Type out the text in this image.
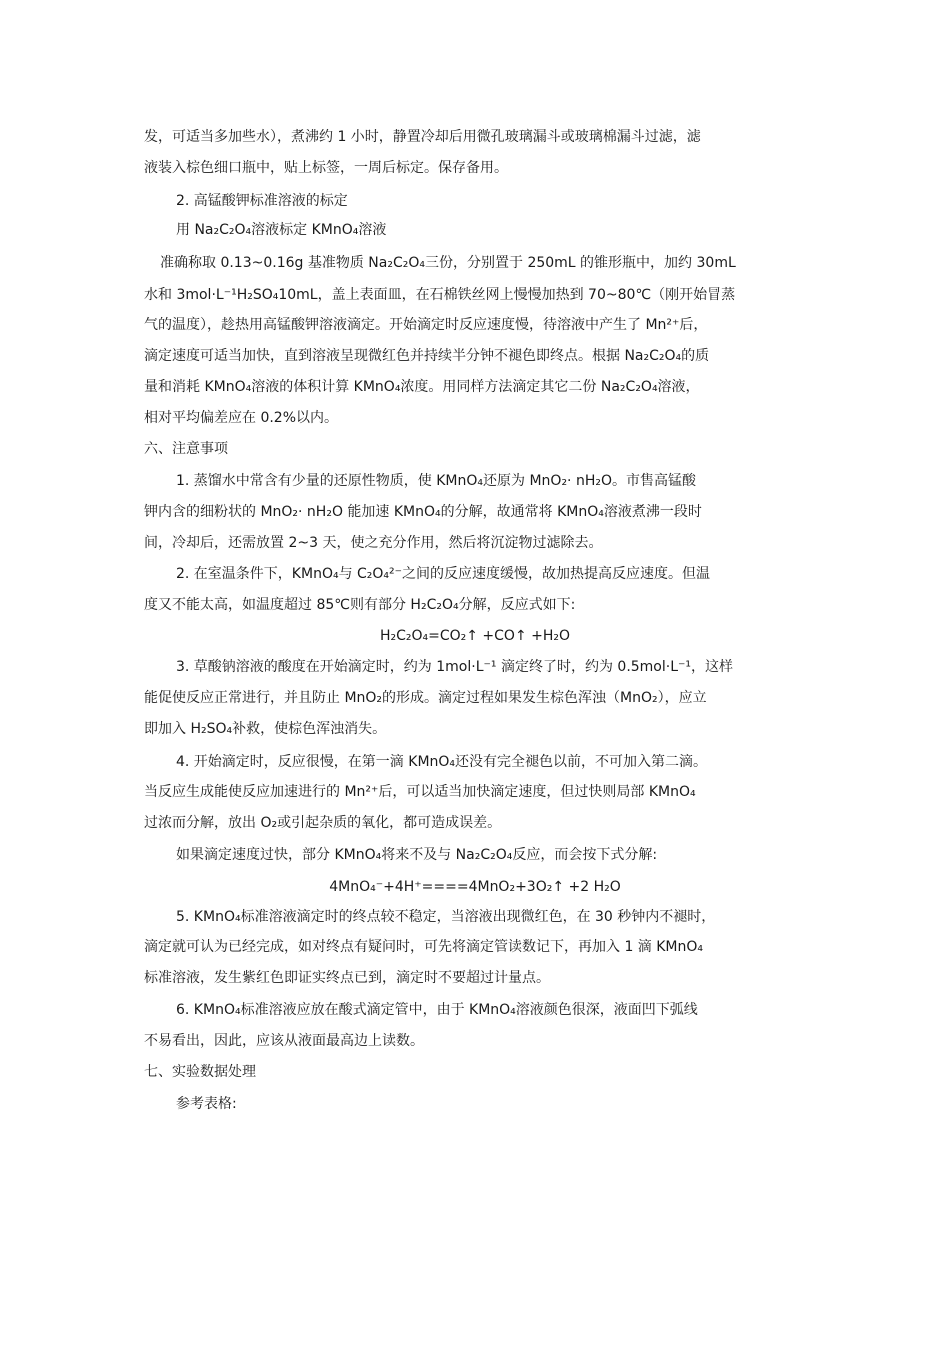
发，可适当多加些水），煮沸约 1 小时，静置冷却后用微孔玻璃漏斗或玻璃棉漏斗过滤，滤
液装入棕色细口瓶中，贴上标签，一周后标定。保存备用。
2. 高锰酸钾标准溶液的标定
用 Na₂C₂O₄溶液标定 KMnO₄溶液
准确称取 0.13~0.16g 基准物质 Na₂C₂O₄三份，分别置于 250mL 的锥形瓶中，加约 30mL
水和 3mol·L⁻¹H₂SO₄10mL，盖上表面皿，在石棉铁丝网上慢慢加热到 70~80℃（刚开始冒蒸
气的温度），趁热用高锰酸钾溶液滴定。开始滴定时反应速度慢，待溶液中产生了 Mn²⁺后，
滴定速度可适当加快，直到溶液呈现微红色并持续半分钟不褪色即终点。根据 Na₂C₂O₄的质
量和消耗 KMnO₄溶液的体积计算 KMnO₄浓度。用同样方法滴定其它二份 Na₂C₂O₄溶液，
相对平均偏差应在 0.2%以内。
六、注意事项
1. 蒸馏水中常含有少量的还原性物质，使 KMnO₄还原为 MnO₂· nH₂O。市售高锰酸
钾内含的细粉状的 MnO₂· nH₂O 能加速 KMnO₄的分解，故通常将 KMnO₄溶液煮沸一段时
间，冷却后，还需放置 2~3 天，使之充分作用，然后将沉淀物过滤除去。
2. 在室温条件下，KMnO₄与 C₂O₄²⁻之间的反应速度缓慢，故加热提高反应速度。但温
度又不能太高，如温度超过 85℃则有部分 H₂C₂O₄分解，反应式如下:
H₂C₂O₄=CO₂↑ +CO↑ +H₂O
3. 草酸钠溶液的酸度在开始滴定时，约为 1mol·L⁻¹ 滴定终了时，约为 0.5mol·L⁻¹，这样
能促使反应正常进行，并且防止 MnO₂的形成。滴定过程如果发生棕色浑浊（MnO₂），应立
即加入 H₂SO₄补救，使棕色浑浊消失。
4. 开始滴定时，反应很慢，在第一滴 KMnO₄还没有完全褪色以前，不可加入第二滴。
当反应生成能使反应加速进行的 Mn²⁺后，可以适当加快滴定速度，但过快则局部 KMnO₄
过浓而分解，放出 O₂或引起杂质的氧化，都可造成误差。
如果滴定速度过快，部分 KMnO₄将来不及与 Na₂C₂O₄反应，而会按下式分解:
4MnO₄⁻+4H⁺====4MnO₂+3O₂↑ +2 H₂O
5. KMnO₄标准溶液滴定时的终点较不稳定，当溶液出现微红色，在 30 秒钟内不褪时，
滴定就可认为已经完成，如对终点有疑问时，可先将滴定管读数记下，再加入 1 滴 KMnO₄
标准溶液，发生紫红色即证实终点已到，滴定时不要超过计量点。
6. KMnO₄标准溶液应放在酸式滴定管中，由于 KMnO₄溶液颜色很深，液面凹下弧线
不易看出，因此，应该从液面最高边上读数。
七、实验数据处理
参考表格:
